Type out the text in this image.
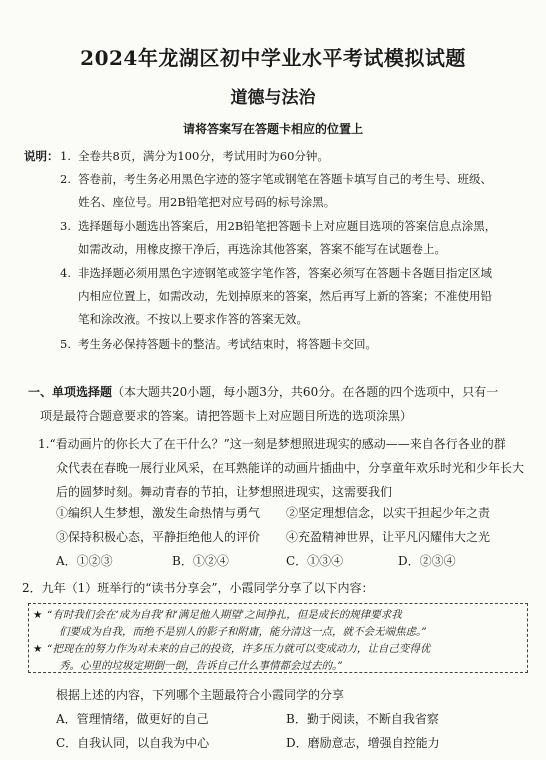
2024年龙湖区初中学业水平考试模拟试题
道德与法治
请将答案写在答题卡相应的位置上
说明： 1. 全卷共8页，满分为100分，考试用时为60分钟。
2. 答卷前，考生务必用黑色字迹的签字笔或钢笔在答题卡填写自己的考生号、班级、
姓名、座位号。用2B铅笔把对应号码的标号涂黑。
3. 选择题每小题选出答案后，用2B铅笔把答题卡上对应题目选项的答案信息点涂黑，
如需改动，用橡皮擦干净后，再选涂其他答案，答案不能写在试题卷上。
4. 非选择题必须用黑色字迹钢笔或签字笔作答，答案必须写在答题卡各题目指定区域
内相应位置上，如需改动，先划掉原来的答案，然后再写上新的答案；不准使用铅
笔和涂改液。不按以上要求作答的答案无效。
5. 考生务必保持答题卡的整洁。考试结束时，将答题卡交回。
一、单项选择题（本大题共20小题，每小题3分，共60分。在各题的四个选项中，只有一
项是最符合题意要求的答案。请把答题卡上对应题目所选的选项涂黑）
1.“看动画片的你长大了在干什么？”这一刻是梦想照进现实的感动——来自各行各业的群
众代表在春晚一展行业风采，在耳熟能详的动画片插曲中，分享童年欢乐时光和少年长大
后的圆梦时刻。舞动青春的节拍，让梦想照进现实，这需要我们
①编织人生梦想，激发生命热情与勇气 ②坚定理想信念，以实干担起少年之责
③保持积极心态，平静拒绝他人的评价 ④充盈精神世界，让平凡闪耀伟大之光
A．①②③	B．①②④	C．①③④	D．②③④
2．九年（1）班举行的“读书分享会”，小霞同学分享了以下内容：
★ “有时我们会在‘成为自我’和‘满足他人期望’之间挣扎，但是成长的规律要求我
们要成为自我，而绝不是别人的影子和附庸，能分清这一点，就不会无端焦虑。”
★ “把现在的努力作为对未来的自己的投资，许多压力就可以变成动力，让自己变得优
秀。心里的垃圾定期倒一倒，告诉自己什么事情都会过去的。”
根据上述的内容，下列哪个主题最符合小霞同学的分享
A．管理情绪，做更好的自己	B．勤于阅读，不断自我省察
C．自我认同，以自我为中心	D．磨励意志，增强自控能力
